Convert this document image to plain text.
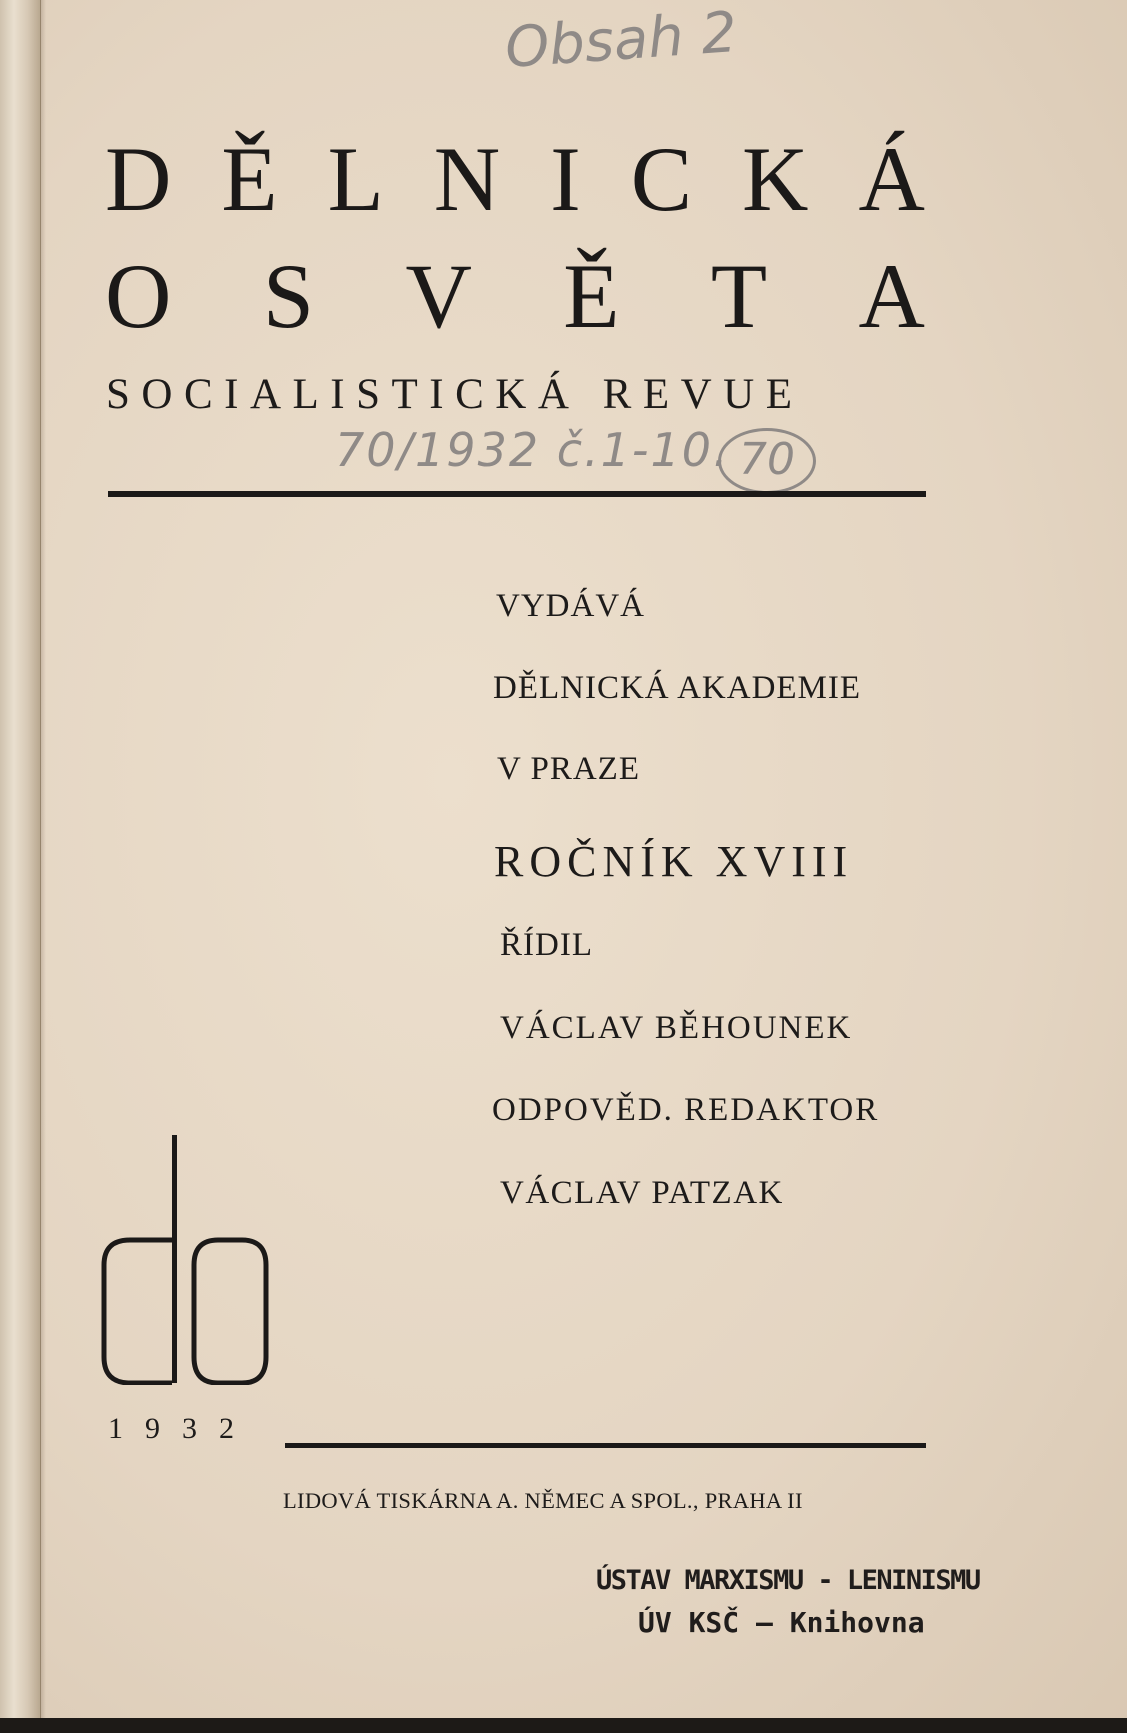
Obsah 2
D Ě L N I C K Á
O S V Ě T A
SOCIALISTICKÁ REVUE
70/1932 č.1-10. 70
VYDÁVÁ
DĚLNICKÁ AKADEMIE
V PRAZE
ROČNÍK XVIII
ŘÍDIL
VÁCLAV BĚHOUNEK
ODPOVĚD. REDAKTOR
VÁCLAV PATZAK
1932
LIDOVÁ TISKÁRNA A. NĚMEC A SPOL., PRAHA II
ÚSTAV MARXISMU - LENINISMU
ÚV KSČ — Knihovna
